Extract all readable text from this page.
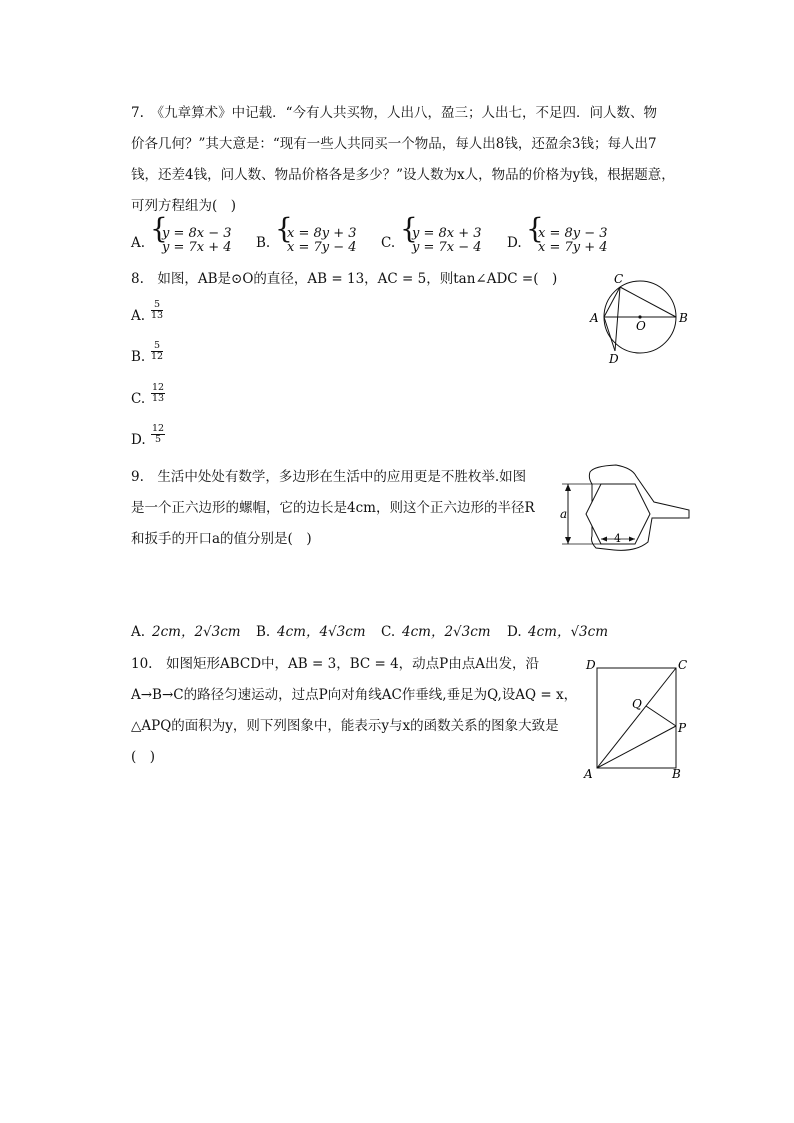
7.　《九章算术》中记载．“今有人共买物，人出八，盈三；人出七，不足四．问人数、物
价各几何？”其大意是：“现有一些人共同买一个物品，每人出8钱，还盈余3钱；每人出7
钱，还差4钱，问人数、物品价格各是多少？”设人数为x人，物品的价格为y钱，根据题意，
可列方程组为(　)
A. {
y = 8x − 3
y = 7x + 4 B. {
x = 8y + 3
x = 7y − 4 C. {
y = 8x + 3
y = 7x − 4 D. {
x = 8y − 3
x = 7y + 4
8.　如图，AB是⊙O的直径，AB = 13，AC = 5，则tan∠ADC =(　)
A. $\frac{5}{13}$
B. $\frac{5}{12}$
C. $\frac{12}{13}$
D. $\frac{12}{5}$
C
A
O
B
D
9.　生活中处处有数学，多边形在生活中的应用更是不胜枚举.如图
是一个正六边形的螺帽，它的边长是4cm，则这个正六边形的半径R
和扳手的开口a的值分别是(　)
a
4
A. 2cm，2√3cm B. 4cm，4√3cm C. 4cm，2√3cm D. 4cm，√3cm
10.　如图矩形ABCD中，AB = 3，BC = 4，动点P由点A出发，沿
A→B→C的路径匀速运动，过点P向对角线AC作垂线,垂足为Q,设AQ = x，
△APQ的面积为y，则下列图象中，能表示y与x的函数关系的图象大致是
(　)
D	C
Q
P
A	B
